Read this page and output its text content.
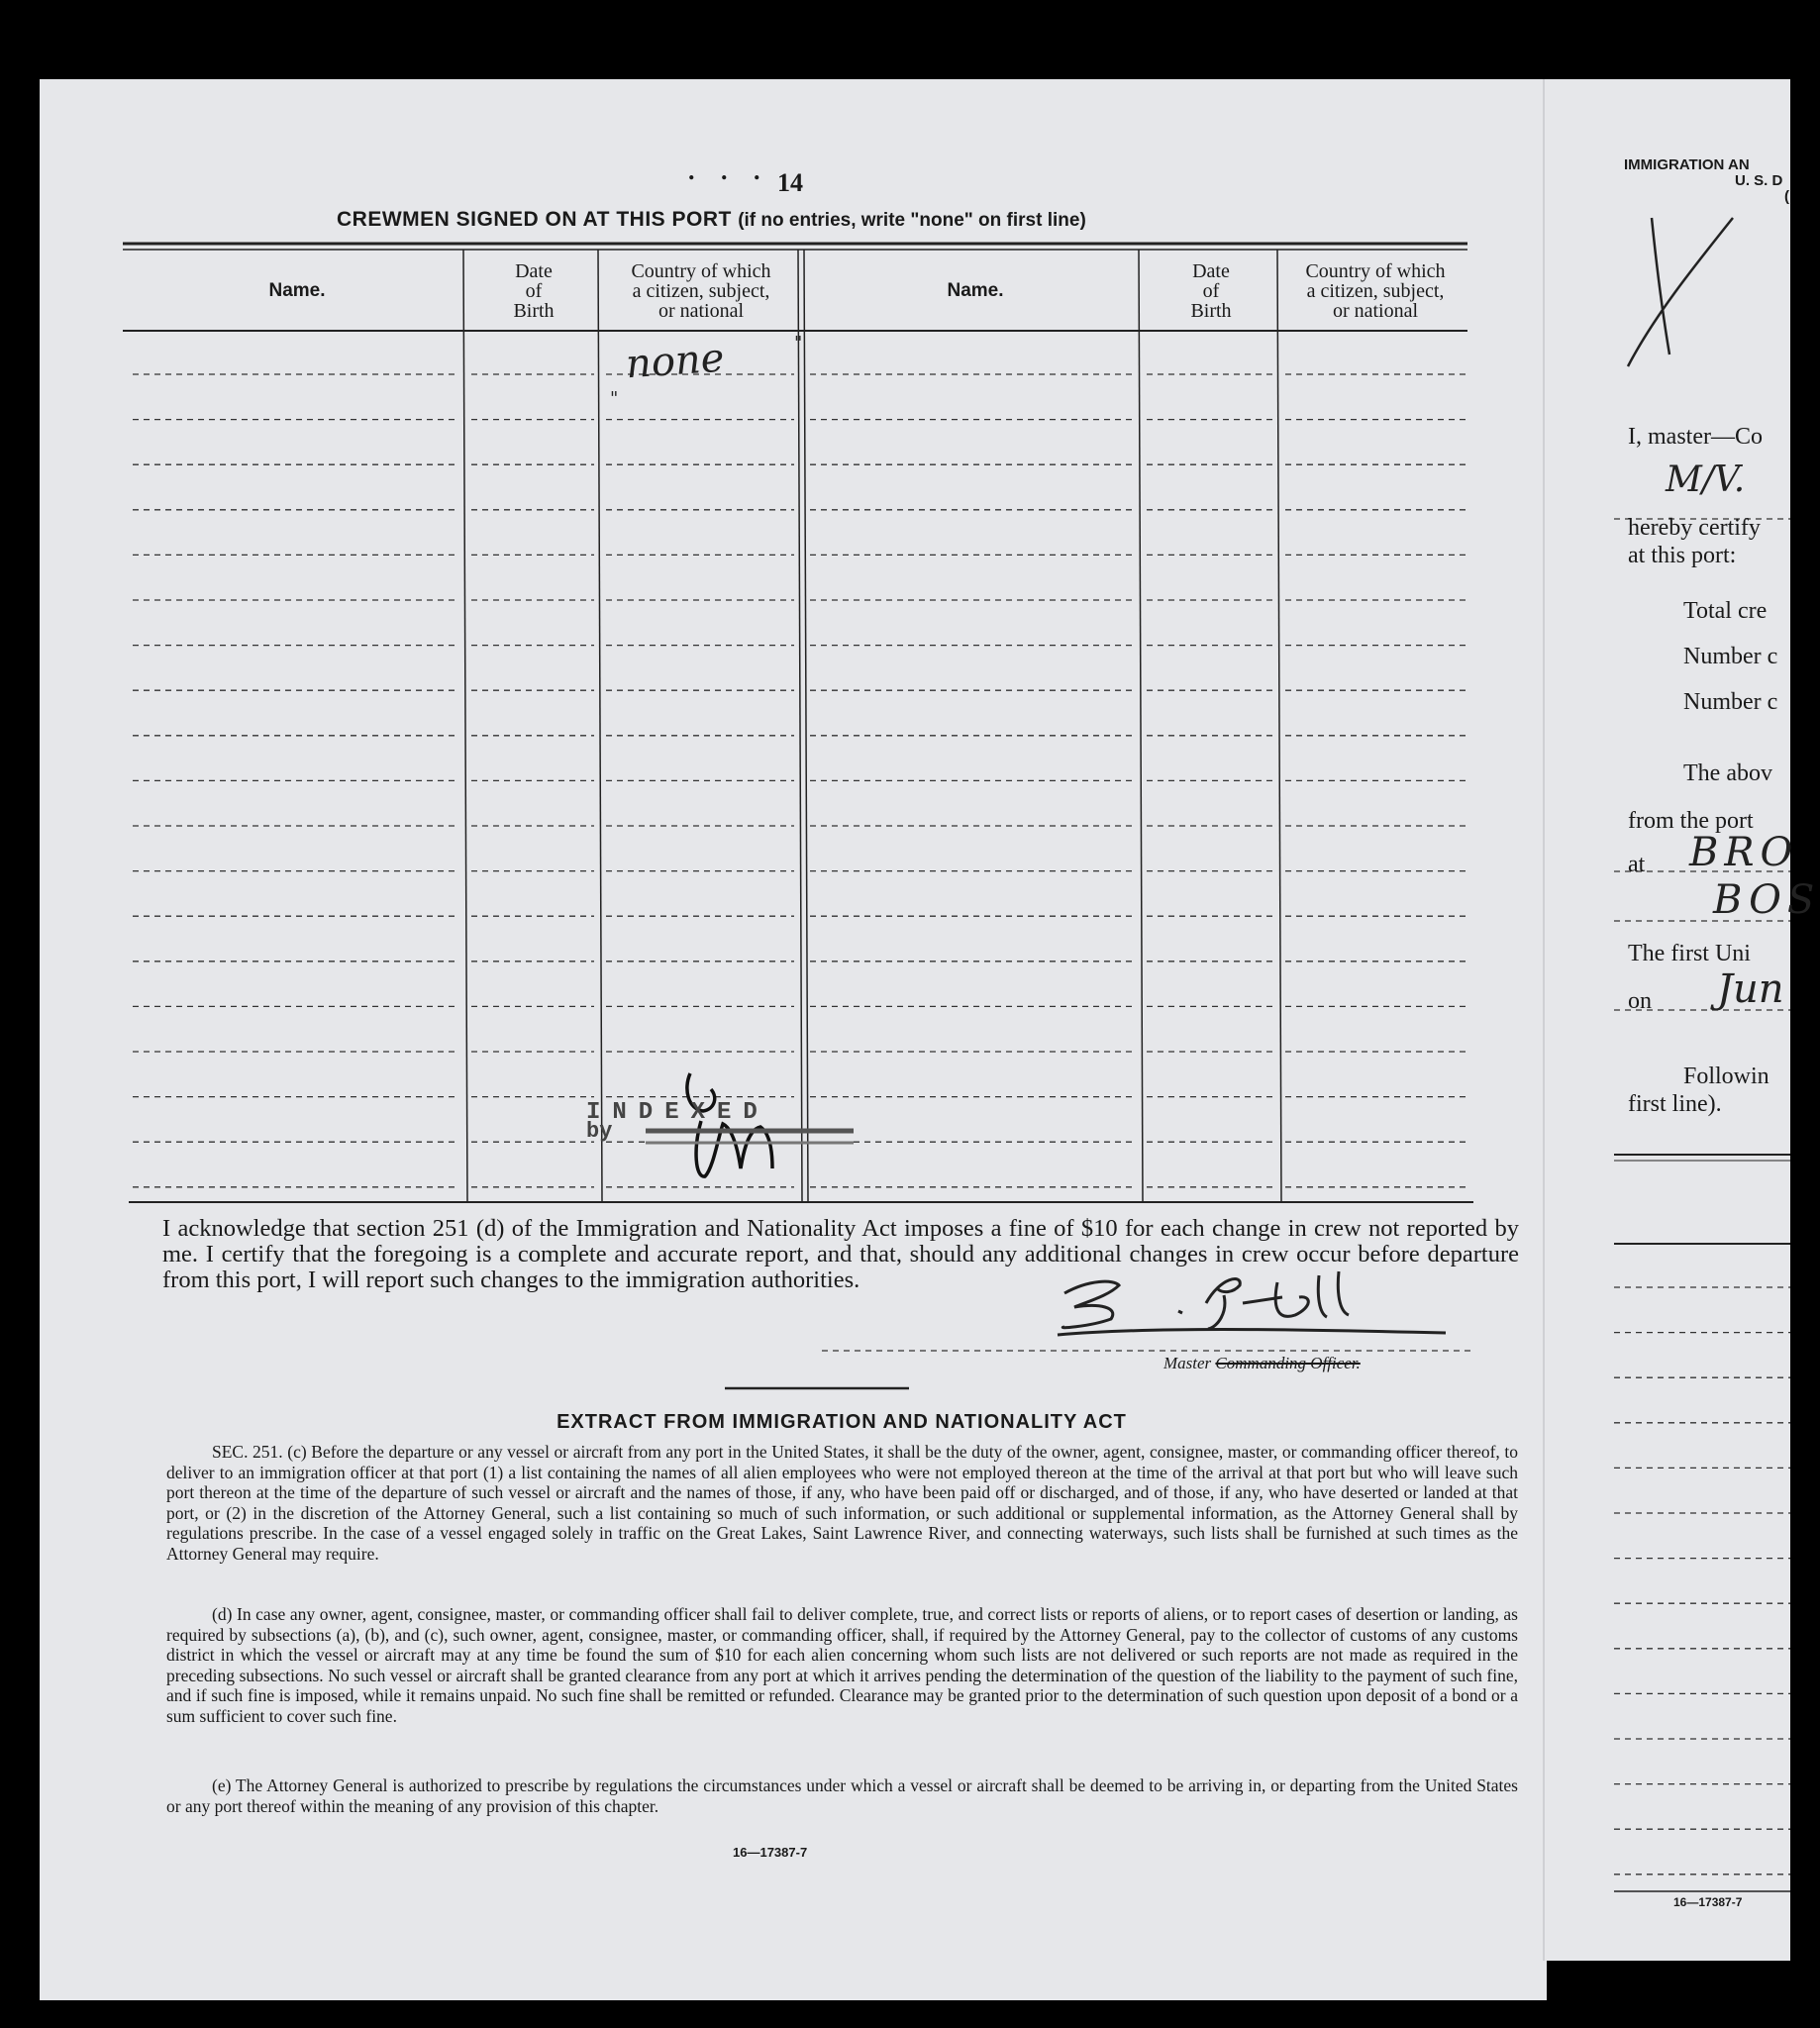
. . . 14
CREWMEN SIGNED ON AT THIS PORT (if no entries, write "none" on first line)
Name.
Date
of
Birth
Country of which
a citizen, subject,
or national
Name.
Date
of
Birth
Country of which
a citizen, subject,
or national
none	"
"
INDEXED
by
I acknowledge that section 251 (d) of the Immigration and Nationality Act imposes a fine of $10 for each change in crew not reported by me. I certify that the foregoing is a complete and accurate report, and that, should any additional changes in crew occur before departure from this port, I will report such changes to the immigration authorities.
Master Commanding Officer.
EXTRACT FROM IMMIGRATION AND NATIONALITY ACT

SEC. 251. (c) Before the departure or any vessel or aircraft from any port in the United States, it shall be the duty of the owner, agent, consignee, master, or commanding officer thereof, to deliver to an immigration officer at that port (1) a list containing the names of all alien employees who were not employed thereon at the time of the arrival at that port but who will leave such port thereon at the time of the departure of such vessel or aircraft and the names of those, if any, who have been paid off or discharged, and of those, if any, who have deserted or landed at that port, or (2) in the discretion of the Attorney General, such a list containing so much of such information, or such additional or supplemental information, as the Attorney General shall by regulations prescribe. In the case of a vessel engaged solely in traffic on the Great Lakes, Saint Lawrence River, and connecting waterways, such lists shall be furnished at such times as the Attorney General may require.

(d) In case any owner, agent, consignee, master, or commanding officer shall fail to deliver complete, true, and correct lists or reports of aliens, or to report cases of desertion or landing, as required by subsections (a), (b), and (c), such owner, agent, consignee, master, or commanding officer, shall, if required by the Attorney General, pay to the collector of customs of any customs district in which the vessel or aircraft may at any time be found the sum of $10 for each alien concerning whom such lists are not delivered or such reports are not made as required in the preceding subsections. No such vessel or aircraft shall be granted clearance from any port at which it arrives pending the determination of the question of the liability to the payment of such fine, and if such fine is imposed, while it remains unpaid. No such fine shall be remitted or refunded. Clearance may be granted prior to the determination of such question upon deposit of a bond or a sum sufficient to cover such fine.

(e) The Attorney General is authorized to prescribe by regulations the circumstances under which a vessel or aircraft shall be deemed to be arriving in, or departing from the United States or any port thereof within the meaning of any provision of this chapter.

16—17387-7
IMMIGRATION AN
U. S. D
(
I, master—Co
M/V.
hereby certify
at this port:
Total cre
Number c
Number c
The abov
from the port
at BRO
BOS
The first Uni
on Jun
Followin
first line).
16—17387-7
